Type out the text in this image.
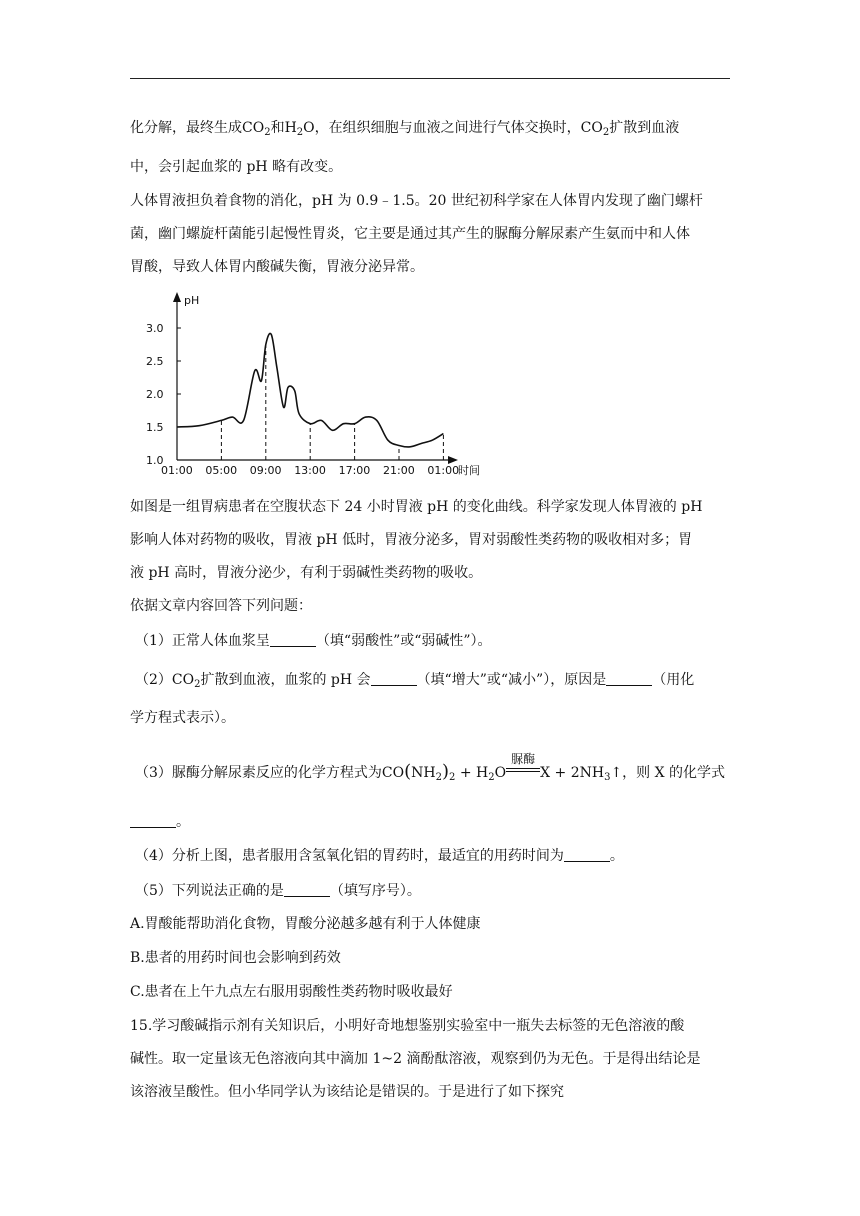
化分解，最终生成$CO_2$和$H_2O$，在组织细胞与血液之间进行气体交换时，$CO_2$扩散到血液
中，会引起血浆的 pH 略有改变。
人体胃液担负着食物的消化，pH 为 0.9﹣1.5。20 世纪初科学家在人体胃内发现了幽门螺杆
菌，幽门螺旋杆菌能引起慢性胃炎，它主要是通过其产生的脲酶分解尿素产生氨而中和人体
胃酸，导致人体胃内酸碱失衡，胃液分泌异常。
pH
时间
1.0
1.5
2.0
2.5
3.0
01:00 05:00 09:00 13:00 17:00 21:00 01:00
如图是一组胃病患者在空腹状态下 24 小时胃液 pH 的变化曲线。科学家发现人体胃液的 pH
影响人体对药物的吸收，胃液 pH 低时，胃液分泌多，胃对弱酸性类药物的吸收相对多；胃
液 pH 高时，胃液分泌少，有利于弱碱性类药物的吸收。
依据文章内容回答下列问题：
（1）正常人体血浆呈	（填“弱酸性”或“弱碱性”）。
$(2)CO_2$扩散到血液，血浆的 pH 会	（填“增大”或“减小”），原因是	（用化
学方程式表示）。
（3）脲酶分解尿素反应的化学方程式为$CO(NH_2)_2 + H_2O$
脲酶
$X + 2NH_3↑$，则 X 的化学式
。
（4）分析上图，患者服用含氢氧化铝的胃药时，最适宜的用药时间为	。
（5）下列说法正确的是	（填写序号）。
A.胃酸能帮助消化食物，胃酸分泌越多越有利于人体健康
B.患者的用药时间也会影响到药效
C.患者在上午九点左右服用弱酸性类药物时吸收最好
15.学习酸碱指示剂有关知识后，小明好奇地想鉴别实验室中一瓶失去标签的无色溶液的酸
碱性。取一定量该无色溶液向其中滴加 1~2 滴酚酞溶液，观察到仍为无色。于是得出结论是
该溶液呈酸性。但小华同学认为该结论是错误的。于是进行了如下探究
